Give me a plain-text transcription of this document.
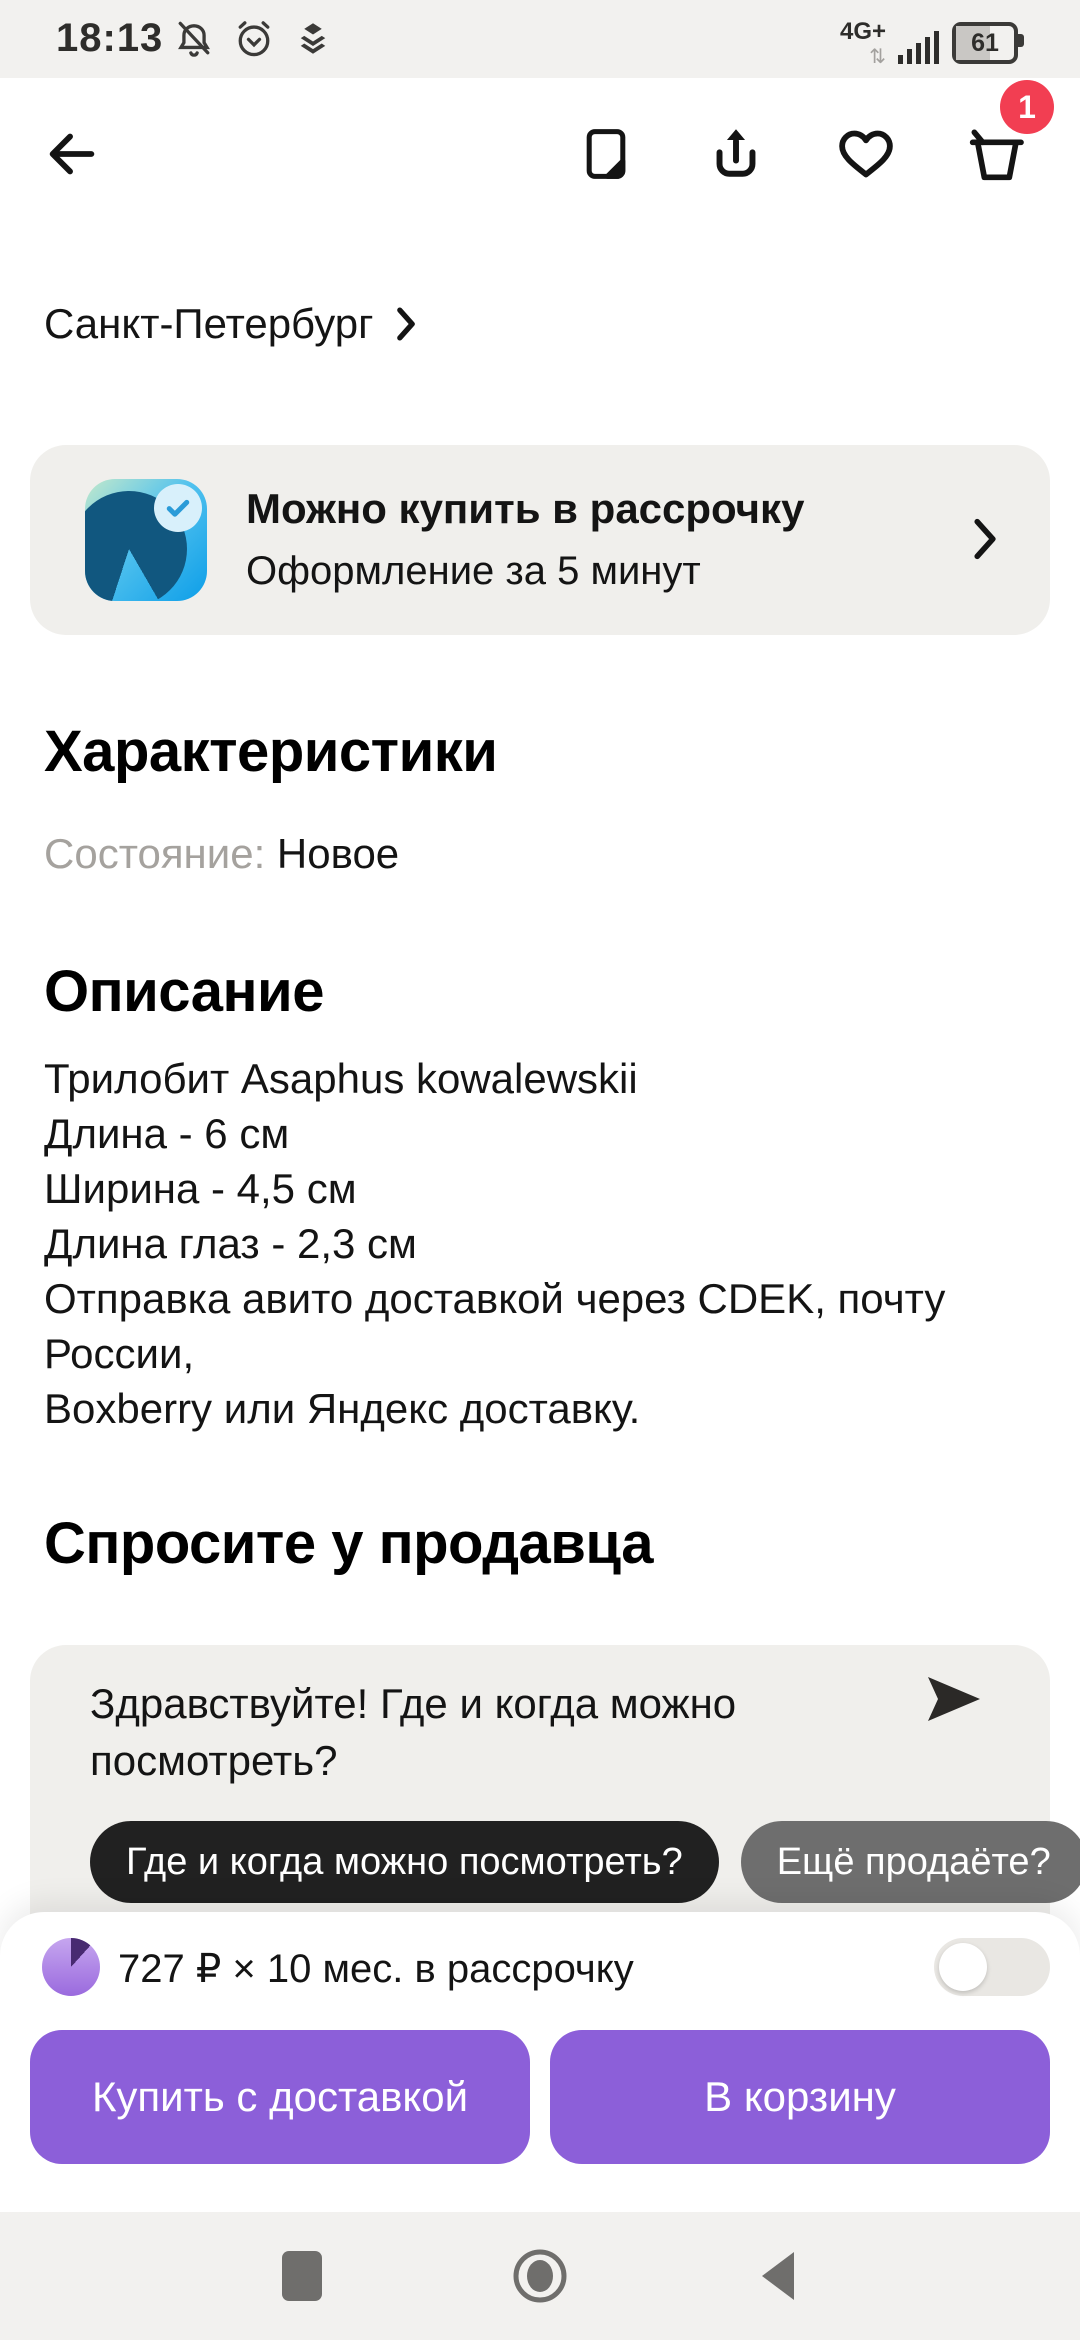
18:13	4G+
⇅	61
1
Санкт-Петербург
Можно купить в рассрочку
Оформление за 5 минут
Характеристики
Состояние: Новое
Описание
Трилобит Asaphus kowalewskii
Длина - 6 см
Ширина - 4,5 см
Длина глаз - 2,3 см
Отправка авито доставкой через CDEK, почту России,
Boxberry или Яндекс доставку.
Спросите у продавца
Здравствуйте! Где и когда можно посмотреть?
Где и когда можно посмотреть?	Ещё продаёте?
727 ₽ × 10 мес. в рассрочку
Купить с доставкой	В корзину
